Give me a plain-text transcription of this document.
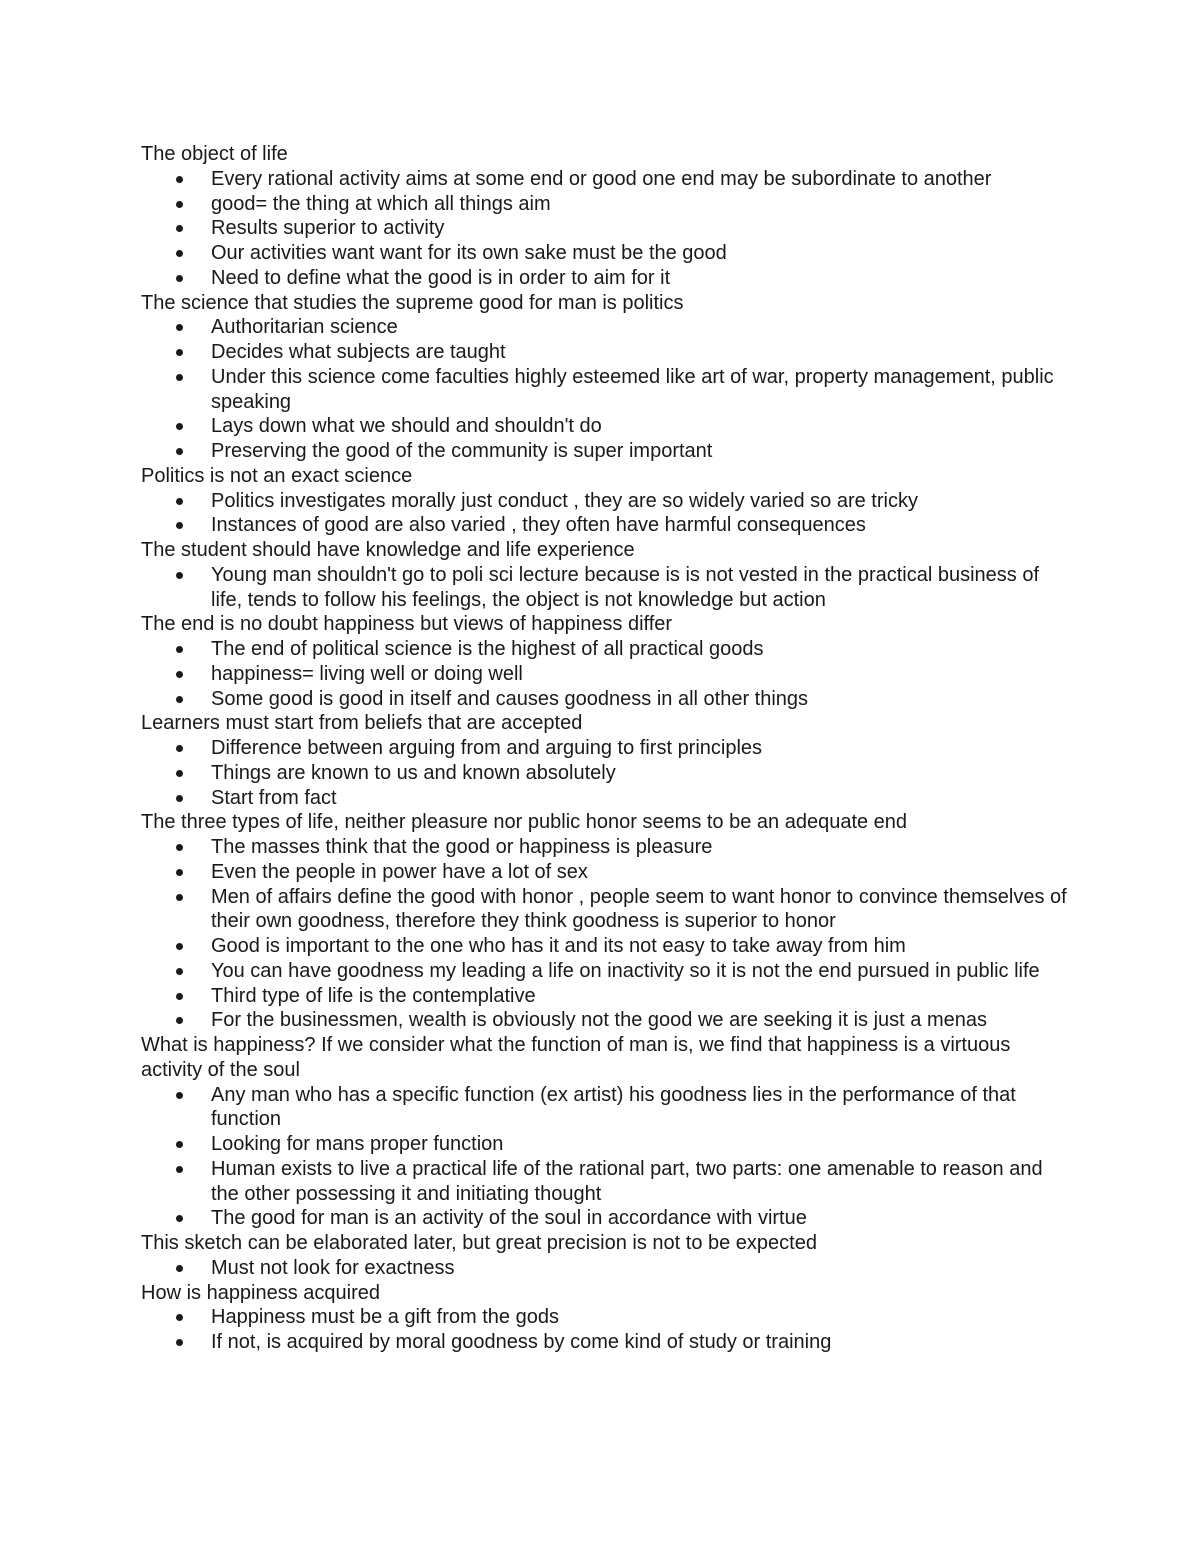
The object of life
Every rational activity aims at some end or good one end may be subordinate to another
good= the thing at which all things aim
Results superior to activity
Our activities want want for its own sake must be the good
Need to define what the good is in order to aim for it
The science that studies the supreme good for man is politics
Authoritarian science
Decides what subjects are taught
Under this science come faculties highly esteemed like art of war, property management, public speaking
Lays down what we should and shouldn't do
Preserving the good of the community is super important
Politics is not an exact science
Politics investigates morally just conduct , they are so widely varied so are tricky
Instances of good are also varied , they often have harmful consequences
The student should have knowledge and life experience
Young man shouldn't go to poli sci lecture because is is not vested in the practical business of life, tends to follow his feelings, the object is not knowledge but action
The end is no doubt happiness but views of happiness differ
The end of political science is the highest of all practical goods
happiness= living well or doing well
Some good is good in itself and causes goodness in all other things
Learners must start from beliefs that are accepted
Difference between arguing from and arguing to first principles
Things are known to us and known absolutely
Start from fact
The three types of life, neither pleasure nor public honor seems to be an adequate end
The masses think that the good or happiness is pleasure
Even the people in power have a lot of sex
Men of affairs define the good with honor , people seem to want honor to convince themselves of their own goodness, therefore they think goodness is superior to honor
Good is important to the one who has it and its not easy to take away from him
You can have goodness my leading a life on inactivity so it is not the end pursued in public life
Third type of life is the contemplative
For the businessmen, wealth is obviously not the good we are seeking it is just a menas
What is happiness? If we consider what the function of man is, we find that happiness is a virtuous activity of the soul
Any man who has a specific function (ex artist) his goodness lies in the performance of that function
Looking for mans proper function
Human exists to live a practical life of the rational part, two parts: one amenable to reason and the other possessing it and initiating thought
The good for man is an activity of the soul in accordance with virtue
This sketch can be elaborated later, but great precision is not to be expected
Must not look for exactness
How is happiness acquired
Happiness must be a gift from the gods
If not, is acquired by moral goodness by come kind of study or training
